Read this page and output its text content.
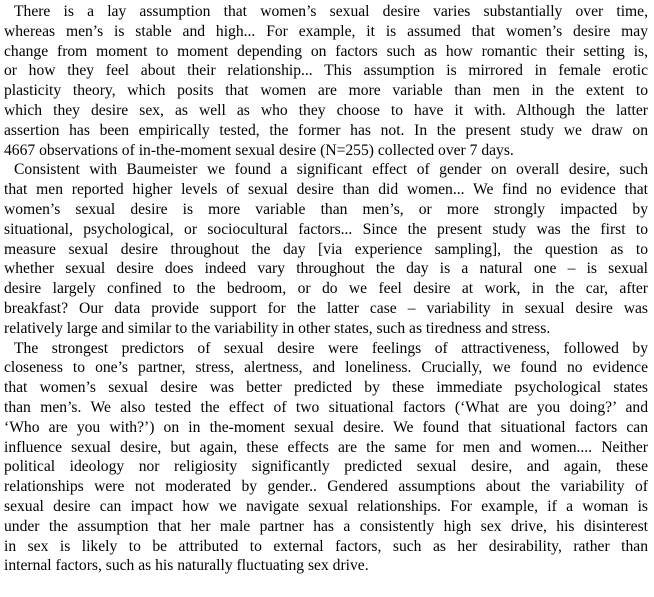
There is a lay assumption that women’s sexual desire varies substantially over time,
whereas men’s is stable and high... For example, it is assumed that women’s desire may
change from moment to moment depending on factors such as how romantic their setting is,
or how they feel about their relationship... This assumption is mirrored in female erotic
plasticity theory, which posits that women are more variable than men in the extent to
which they desire sex, as well as who they choose to have it with. Although the latter
assertion has been empirically tested, the former has not. In the present study we draw on
4667 observations of in-the-moment sexual desire (N=255) collected over 7 days.
Consistent with Baumeister we found a significant effect of gender on overall desire, such
that men reported higher levels of sexual desire than did women... We find no evidence that
women’s sexual desire is more variable than men’s, or more strongly impacted by
situational, psychological, or sociocultural factors... Since the present study was the first to
measure sexual desire throughout the day [via experience sampling], the question as to
whether sexual desire does indeed vary throughout the day is a natural one – is sexual
desire largely confined to the bedroom, or do we feel desire at work, in the car, after
breakfast? Our data provide support for the latter case – variability in sexual desire was
relatively large and similar to the variability in other states, such as tiredness and stress.
The strongest predictors of sexual desire were feelings of attractiveness, followed by
closeness to one’s partner, stress, alertness, and loneliness. Crucially, we found no evidence
that women’s sexual desire was better predicted by these immediate psychological states
than men’s. We also tested the effect of two situational factors (‘What are you doing?’ and
‘Who are you with?’) on in the-moment sexual desire. We found that situational factors can
influence sexual desire, but again, these effects are the same for men and women.... Neither
political ideology nor religiosity significantly predicted sexual desire, and again, these
relationships were not moderated by gender.. Gendered assumptions about the variability of
sexual desire can impact how we navigate sexual relationships. For example, if a woman is
under the assumption that her male partner has a consistently high sex drive, his disinterest
in sex is likely to be attributed to external factors, such as her desirability, rather than
internal factors, such as his naturally fluctuating sex drive.
